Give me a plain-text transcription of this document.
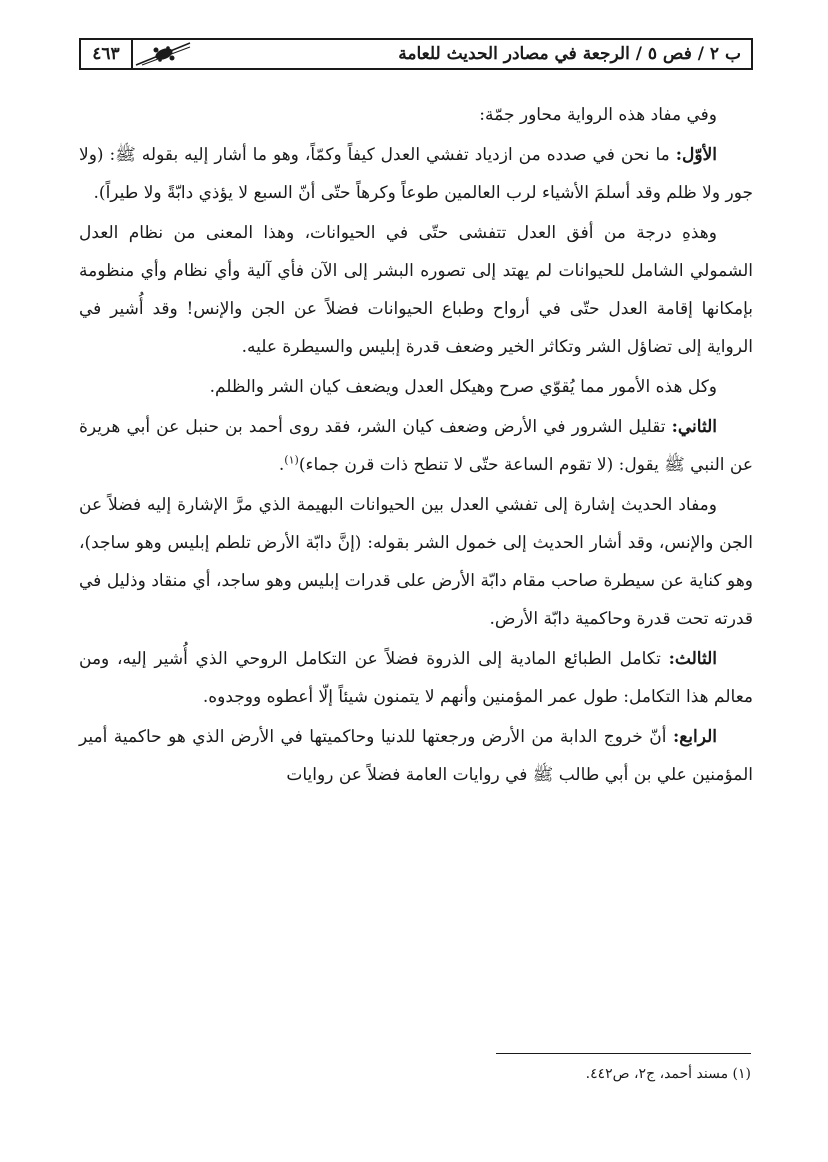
ب ٢ / فص ٥ / الرجعة في مصادر الحديث للعامة
٤٦٣

وفي مفاد هذه الرواية محاور جمّة:

الأوّل: ما نحن في صدده من ازدياد تفشي العدل كيفاً وكمّاً، وهو ما أشار إليه بقوله ﷺ: (ولا جور ولا ظلم وقد أسلمَ الأشياء لرب العالمين طوعاً وكرهاً حتّى أنّ السبع لا يؤذي دابّةً ولا طيراً).

وهذهِ درجة من أفق العدل تتفشى حتّى في الحيوانات، وهذا المعنى من نظام العدل الشمولي الشامل للحيوانات لم يهتد إلى تصوره البشر إلى الآن فأي آلية وأي نظام وأي منظومة بإمكانها إقامة العدل حتّى في أرواح وطباع الحيوانات فضلاً عن الجن والإنس! وقد أُشير في الرواية إلى تضاؤل الشر وتكاثر الخير وضعف قدرة إبليس والسيطرة عليه.

وكل هذه الأمور مما يُقوّي صرح وهيكل العدل ويضعف كيان الشر والظلم.

الثاني: تقليل الشرور في الأرض وضعف كيان الشر، فقد روى أحمد بن حنبل عن أبي هريرة عن النبي ﷺ يقول: (لا تقوم الساعة حتّى لا تنطح ذات قرن جماء)$^{(١)}$.

ومفاد الحديث إشارة إلى تفشي العدل بين الحيوانات البهيمة الذي مرَّ الإشارة إليه فضلاً عن الجن والإنس، وقد أشار الحديث إلى خمول الشر بقوله: (إنَّ دابّة الأرض تلطم إبليس وهو ساجد)، وهو كناية عن سيطرة صاحب مقام دابّة الأرض على قدرات إبليس وهو ساجد، أي منقاد وذليل في قدرته تحت قدرة وحاكمية دابّة الأرض.

الثالث: تكامل الطبائع المادية إلى الذروة فضلاً عن التكامل الروحي الذي أُشير إليه، ومن معالم هذا التكامل: طول عمر المؤمنين وأنهم لا يتمنون شيئاً إلّا أعطوه ووجدوه.

الرابع: أنّ خروج الدابة من الأرض ورجعتها للدنيا وحاكميتها في الأرض الذي هو حاكمية أمير المؤمنين علي بن أبي طالب ﷺ في روايات العامة فضلاً عن روايات

(١) مسند أحمد، ج٢، ص٤٤٢.
